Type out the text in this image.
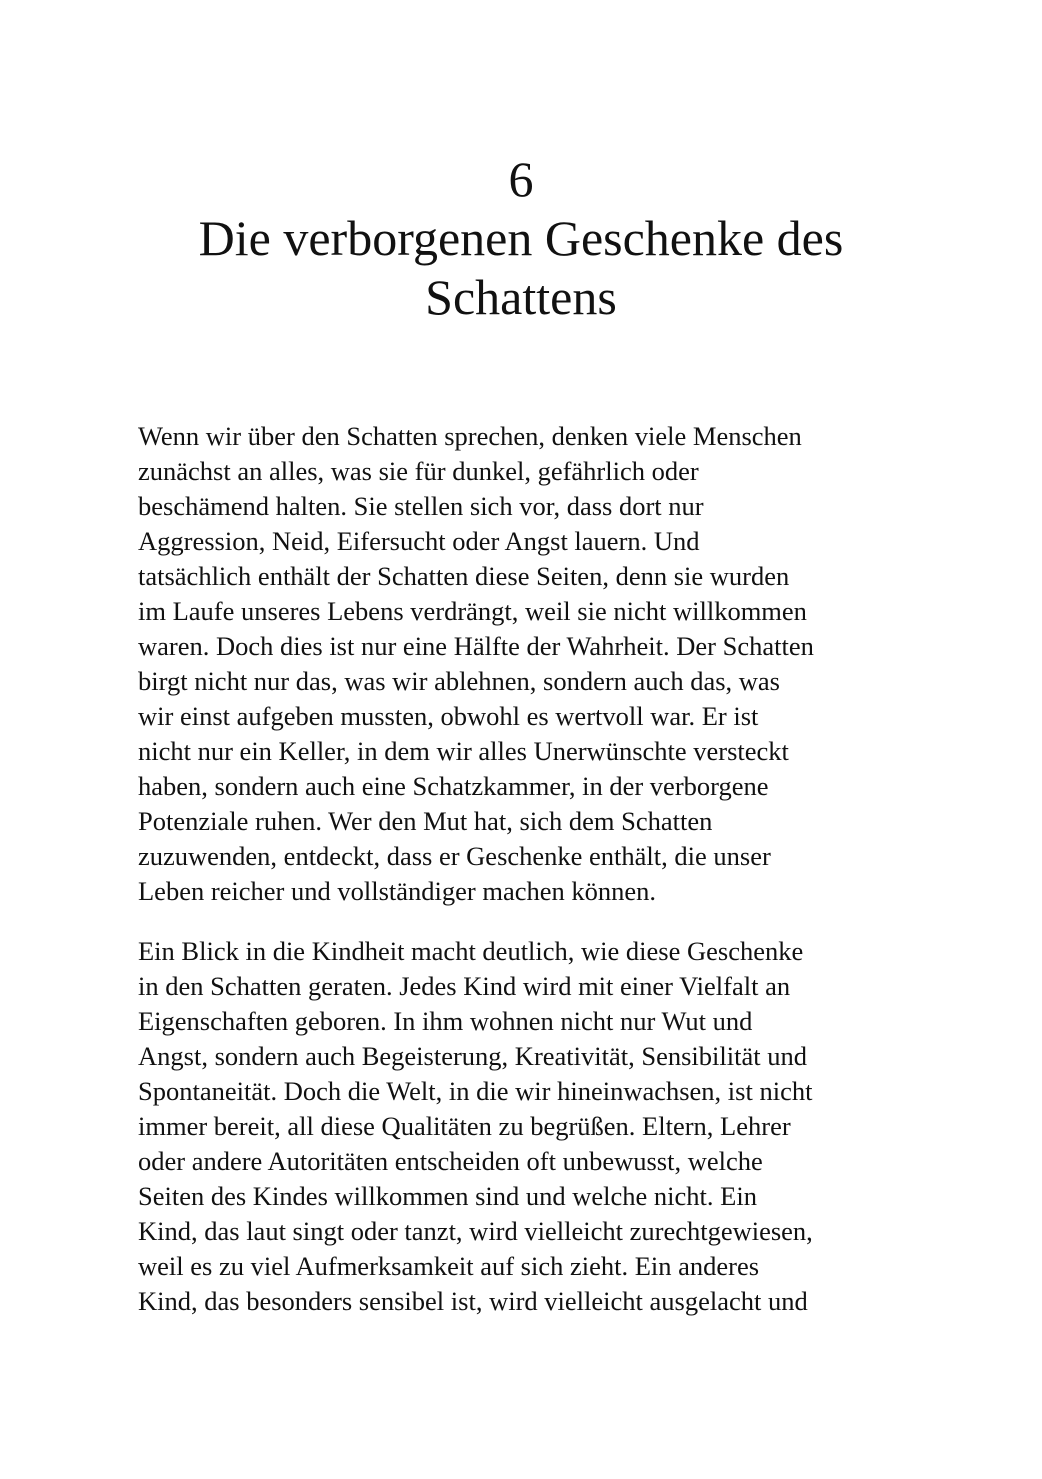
6
Die verborgenen Geschenke des
Schattens

Wenn wir über den Schatten sprechen, denken viele Menschen
zunächst an alles, was sie für dunkel, gefährlich oder
beschämend halten. Sie stellen sich vor, dass dort nur
Aggression, Neid, Eifersucht oder Angst lauern. Und
tatsächlich enthält der Schatten diese Seiten, denn sie wurden
im Laufe unseres Lebens verdrängt, weil sie nicht willkommen
waren. Doch dies ist nur eine Hälfte der Wahrheit. Der Schatten
birgt nicht nur das, was wir ablehnen, sondern auch das, was
wir einst aufgeben mussten, obwohl es wertvoll war. Er ist
nicht nur ein Keller, in dem wir alles Unerwünschte versteckt
haben, sondern auch eine Schatzkammer, in der verborgene
Potenziale ruhen. Wer den Mut hat, sich dem Schatten
zuzuwenden, entdeckt, dass er Geschenke enthält, die unser
Leben reicher und vollständiger machen können.

Ein Blick in die Kindheit macht deutlich, wie diese Geschenke
in den Schatten geraten. Jedes Kind wird mit einer Vielfalt an
Eigenschaften geboren. In ihm wohnen nicht nur Wut und
Angst, sondern auch Begeisterung, Kreativität, Sensibilität und
Spontaneität. Doch die Welt, in die wir hineinwachsen, ist nicht
immer bereit, all diese Qualitäten zu begrüßen. Eltern, Lehrer
oder andere Autoritäten entscheiden oft unbewusst, welche
Seiten des Kindes willkommen sind und welche nicht. Ein
Kind, das laut singt oder tanzt, wird vielleicht zurechtgewiesen,
weil es zu viel Aufmerksamkeit auf sich zieht. Ein anderes
Kind, das besonders sensibel ist, wird vielleicht ausgelacht und
